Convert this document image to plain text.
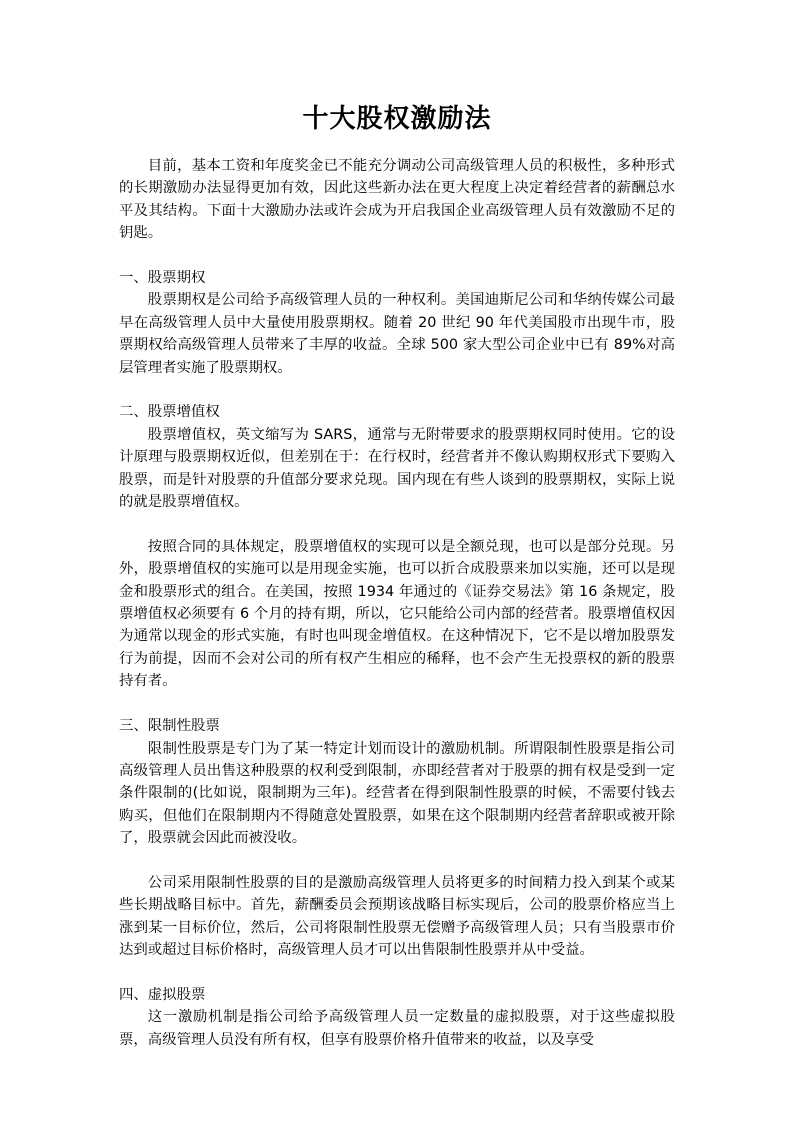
十大股权激励法

目前，基本工资和年度奖金已不能充分调动公司高级管理人员的积极性，多种形式的长期激励办法显得更加有效，因此这些新办法在更大程度上决定着经营者的薪酬总水平及其结构。下面十大激励办法或许会成为开启我国企业高级管理人员有效激励不足的钥匙。

一、股票期权

股票期权是公司给予高级管理人员的一种权利。美国迪斯尼公司和华纳传媒公司最早在高级管理人员中大量使用股票期权。随着 20 世纪 90 年代美国股市出现牛市，股票期权给高级管理人员带来了丰厚的收益。全球 500 家大型公司企业中已有 89%对高层管理者实施了股票期权。

二、股票增值权

股票增值权，英文缩写为 SARS，通常与无附带要求的股票期权同时使用。它的设计原理与股票期权近似，但差别在于：在行权时，经营者并不像认购期权形式下要购入股票，而是针对股票的升值部分要求兑现。国内现在有些人谈到的股票期权，实际上说的就是股票增值权。

按照合同的具体规定，股票增值权的实现可以是全额兑现，也可以是部分兑现。另外，股票增值权的实施可以是用现金实施，也可以折合成股票来加以实施，还可以是现金和股票形式的组合。在美国，按照 1934 年通过的《证券交易法》第 16 条规定，股票增值权必须要有 6 个月的持有期，所以，它只能给公司内部的经营者。股票增值权因为通常以现金的形式实施，有时也叫现金增值权。在这种情况下，它不是以增加股票发行为前提，因而不会对公司的所有权产生相应的稀释，也不会产生无投票权的新的股票持有者。

三、限制性股票

限制性股票是专门为了某一特定计划而设计的激励机制。所谓限制性股票是指公司高级管理人员出售这种股票的权利受到限制，亦即经营者对于股票的拥有权是受到一定条件限制的(比如说，限制期为三年)。经营者在得到限制性股票的时候，不需要付钱去购买，但他们在限制期内不得随意处置股票，如果在这个限制期内经营者辞职或被开除了，股票就会因此而被没收。

公司采用限制性股票的目的是激励高级管理人员将更多的时间精力投入到某个或某些长期战略目标中。首先，薪酬委员会预期该战略目标实现后，公司的股票价格应当上涨到某一目标价位，然后，公司将限制性股票无偿赠予高级管理人员；只有当股票市价达到或超过目标价格时，高级管理人员才可以出售限制性股票并从中受益。

四、虚拟股票

这一激励机制是指公司给予高级管理人员一定数量的虚拟股票，对于这些虚拟股票，高级管理人员没有所有权，但享有股票价格升值带来的收益，以及享受
